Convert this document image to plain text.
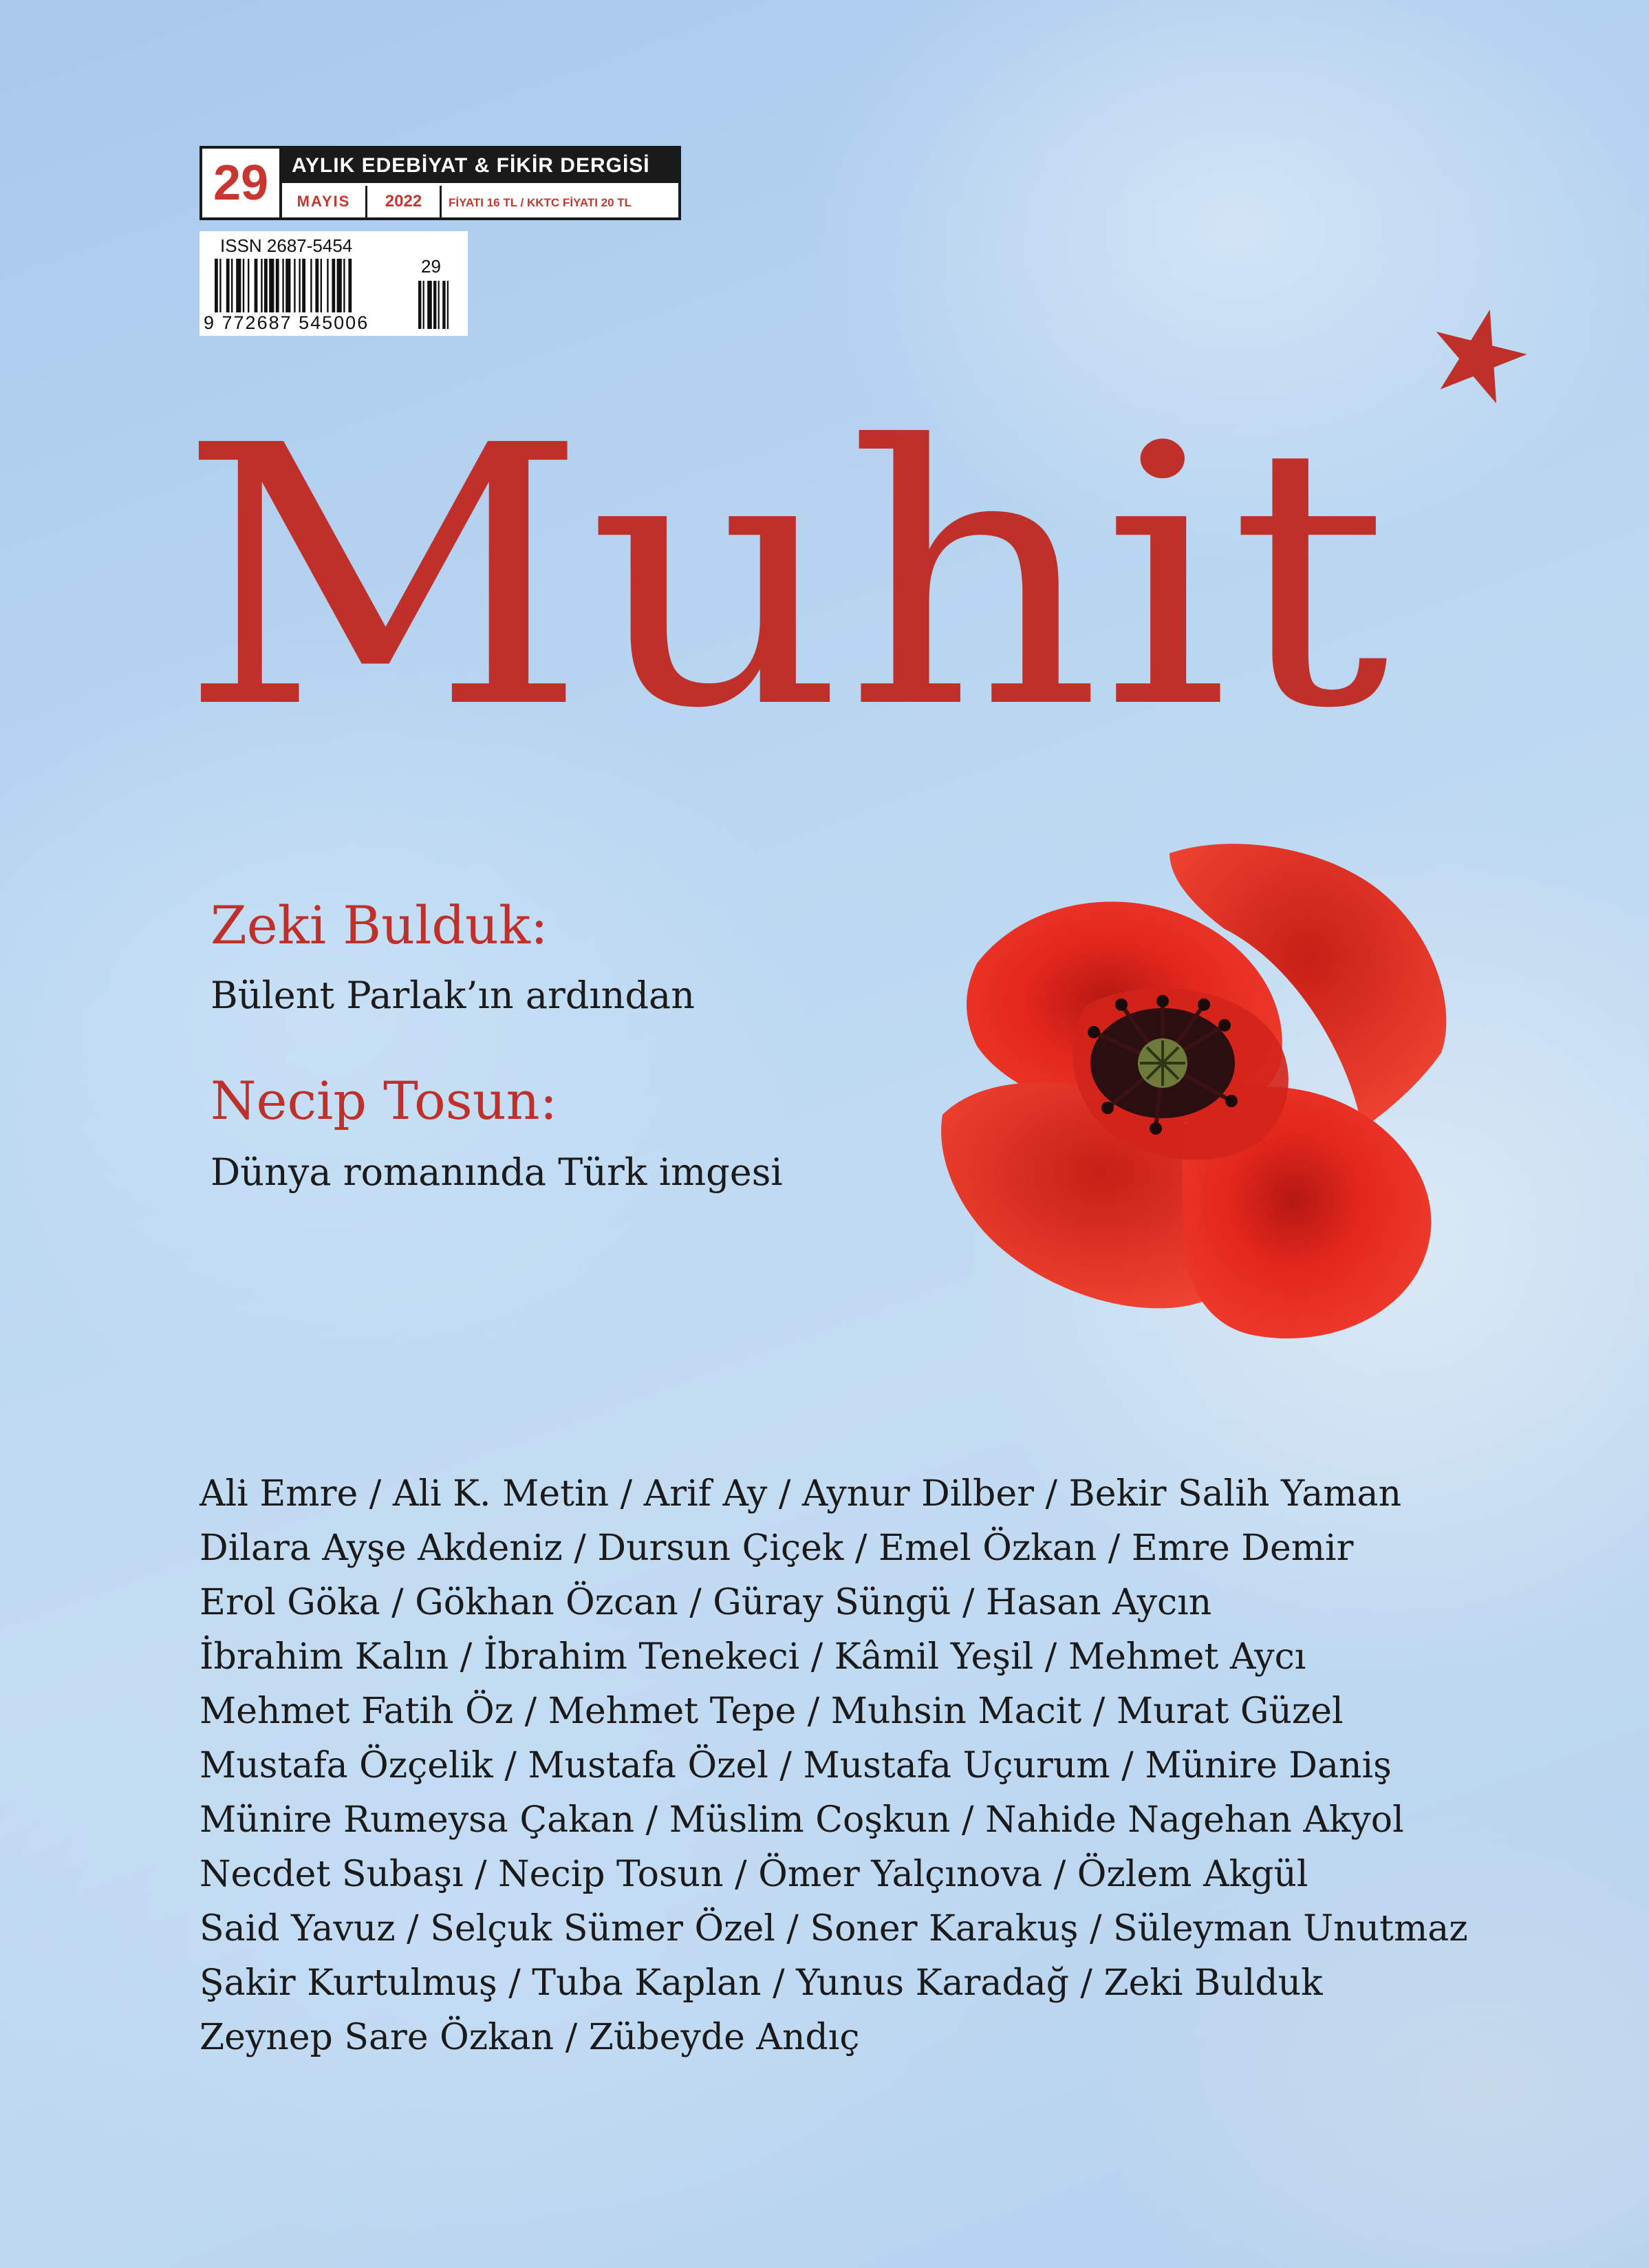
29	AYLIK EDEBİYAT & FİKİR DERGİSİ
MAYIS 2022 FİYATI 16 TL / KKTC FİYATI 20 TL
ISSN 2687-5454
9 772687 545006
29
Muhit
Zeki Bulduk:
Bülent Parlak’ın ardından
Necip Tosun:
Dünya romanında Türk imgesi
Ali Emre / Ali K. Metin / Arif Ay / Aynur Dilber / Bekir Salih Yaman
Dilara Ayşe Akdeniz / Dursun Çiçek / Emel Özkan / Emre Demir
Erol Göka / Gökhan Özcan / Güray Süngü / Hasan Aycın
İbrahim Kalın / İbrahim Tenekeci / Kâmil Yeşil / Mehmet Aycı
Mehmet Fatih Öz / Mehmet Tepe / Muhsin Macit / Murat Güzel
Mustafa Özçelik / Mustafa Özel / Mustafa Uçurum / Münire Daniş
Münire Rumeysa Çakan / Müslim Coşkun / Nahide Nagehan Akyol
Necdet Subaşı / Necip Tosun / Ömer Yalçınova / Özlem Akgül
Said Yavuz / Selçuk Sümer Özel / Soner Karakuş / Süleyman Unutmaz
Şakir Kurtulmuş / Tuba Kaplan / Yunus Karadağ / Zeki Bulduk
Zeynep Sare Özkan / Zübeyde Andıç
